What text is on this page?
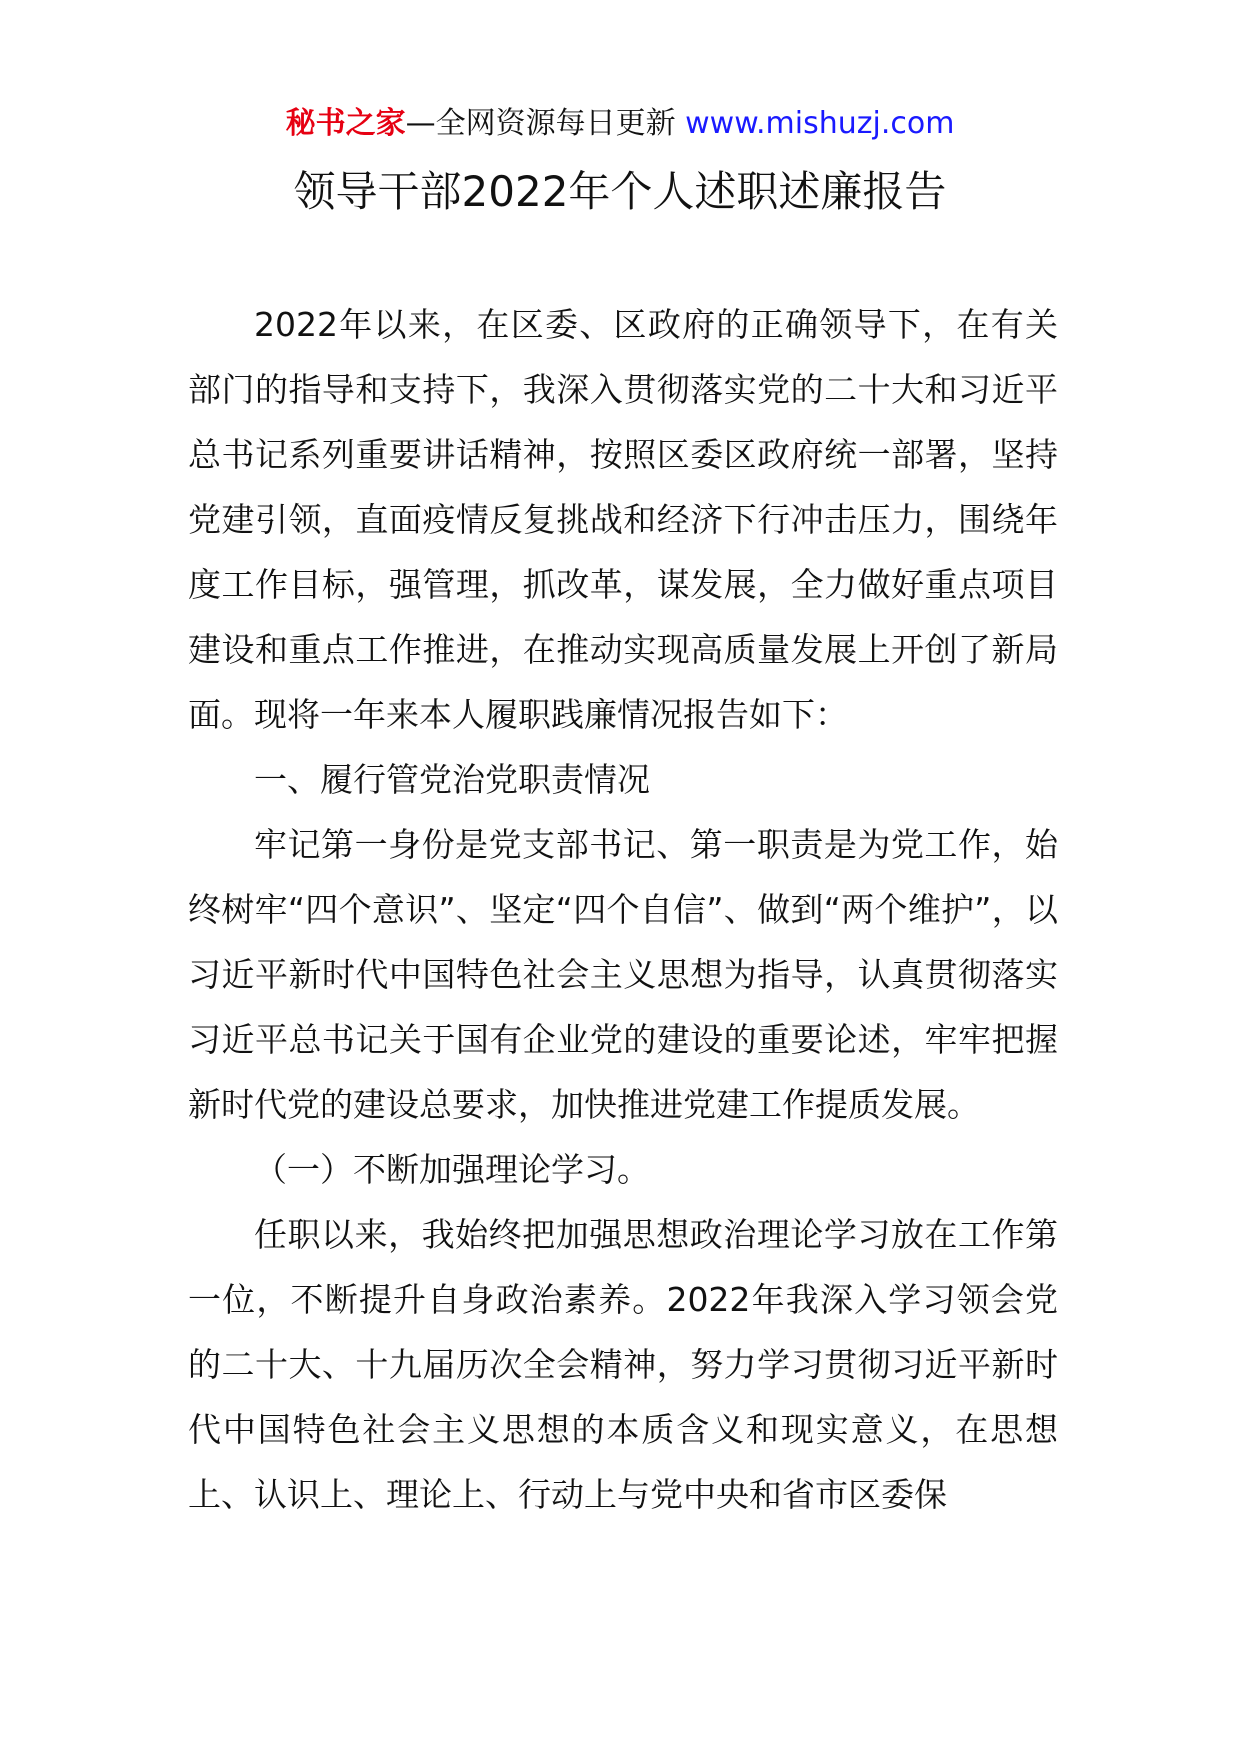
秘书之家—全网资源每日更新 www.mishuzj.com
领导干部2022年个人述职述廉报告

2022年以来，在区委、区政府的正确领导下，在有关部门的指导和支持下，我深入贯彻落实党的二十大和习近平总书记系列重要讲话精神，按照区委区政府统一部署，坚持党建引领，直面疫情反复挑战和经济下行冲击压力，围绕年度工作目标，强管理，抓改革，谋发展，全力做好重点项目建设和重点工作推进，在推动实现高质量发展上开创了新局面。现将一年来本人履职践廉情况报告如下：

一、履行管党治党职责情况

牢记第一身份是党支部书记、第一职责是为党工作，始终树牢“四个意识”、坚定“四个自信”、做到“两个维护”，以习近平新时代中国特色社会主义思想为指导，认真贯彻落实习近平总书记关于国有企业党的建设的重要论述，牢牢把握新时代党的建设总要求，加快推进党建工作提质发展。

（一）不断加强理论学习。

任职以来，我始终把加强思想政治理论学习放在工作第一位，不断提升自身政治素养。2022年我深入学习领会党的二十大、十九届历次全会精神，努力学习贯彻习近平新时代中国特色社会主义思想的本质含义和现实意义，在思想上、认识上、理论上、行动上与党中央和省市区委保
